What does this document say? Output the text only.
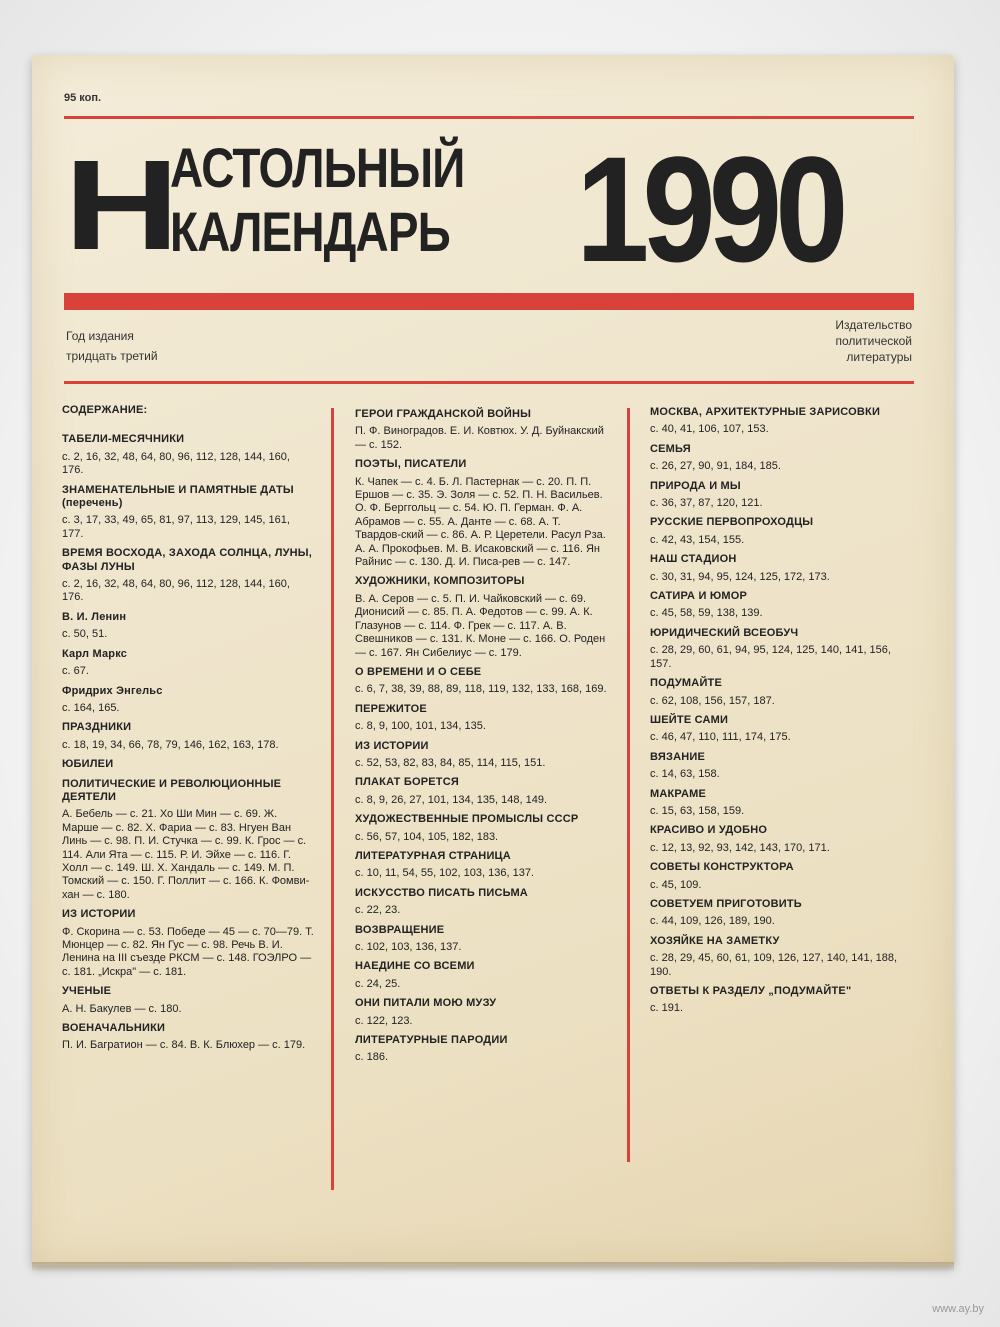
95 коп.
Н
АСТОЛЬНЫЙ
КАЛЕНДАРЬ 1990
Год издания
тридцать третий
Издательство
политической
литературы
СОДЕРЖАНИЕ:
ТАБЕЛИ-МЕСЯЧНИКИ
с. 2, 16, 32, 48, 64, 80, 96, 112, 128, 144, 160, 176.
ЗНАМЕНАТЕЛЬНЫЕ И ПАМЯТНЫЕ ДАТЫ (перечень)
с. 3, 17, 33, 49, 65, 81, 97, 113, 129, 145, 161, 177.
ВРЕМЯ ВОСХОДА, ЗАХОДА СОЛНЦА, ЛУНЫ, ФАЗЫ ЛУНЫ
с. 2, 16, 32, 48, 64, 80, 96, 112, 128, 144, 160, 176.
В. И. Ленин
с. 50, 51.
Карл Маркс
с. 67.
Фридрих Энгельс
с. 164, 165.
ПРАЗДНИКИ
с. 18, 19, 34, 66, 78, 79, 146, 162, 163, 178.
ЮБИЛЕИ
ПОЛИТИЧЕСКИЕ И РЕВОЛЮЦИОННЫЕ ДЕЯТЕЛИ
А. Бебель — с. 21. Хо Ши Мин — с. 69. Ж. Марше — с. 82. Х. Фариа — с. 83. Нгуен Ван Линь — с. 98. П. И. Стучка — с. 99. К. Грос — с. 114. Али Ята — с. 115. Р. И. Эйхе — с. 116. Г. Холл — с. 149. Ш. Х. Хандаль — с. 149. М. П. Томский — с. 150. Г. Поллит — с. 166. К. Фомви-хан — с. 180.
ИЗ ИСТОРИИ
Ф. Скорина — с. 53. Победе — 45 — с. 70—79. Т. Мюнцер — с. 82. Ян Гус — с. 98. Речь В. И. Ленина на III съезде РКСМ — с. 148. ГОЭЛРО — с. 181. „Искра" — с. 181.
УЧЕНЫЕ
А. Н. Бакулев — с. 180.
ВОЕНАЧАЛЬНИКИ
П. И. Багратион — с. 84. В. К. Блюхер — с. 179.
ГЕРОИ ГРАЖДАНСКОЙ ВОЙНЫ
П. Ф. Виноградов. Е. И. Ковтюх. У. Д. Буйнакский — с. 152.
ПОЭТЫ, ПИСАТЕЛИ
К. Чапек — с. 4. Б. Л. Пастернак — с. 20. П. П. Ершов — с. 35. Э. Золя — с. 52. П. Н. Васильев. О. Ф. Берггольц — с. 54. Ю. П. Герман. Ф. А. Абрамов — с. 55. А. Данте — с. 68. А. Т. Твардов-ский — с. 86. А. Р. Церетели. Расул Рза. А. А. Прокофьев. М. В. Исаковский — с. 116. Ян Райнис — с. 130. Д. И. Писа-рев — с. 147.
ХУДОЖНИКИ, КОМПОЗИТОРЫ
В. А. Серов — с. 5. П. И. Чайковский — с. 69. Дионисий — с. 85. П. А. Федотов — с. 99. А. К. Глазунов — с. 114. Ф. Грек — с. 117. А. В. Свешников — с. 131. К. Моне — с. 166. О. Роден — с. 167. Ян Сибелиус — с. 179.
О ВРЕМЕНИ И О СЕБЕ
с. 6, 7, 38, 39, 88, 89, 118, 119, 132, 133, 168, 169.
ПЕРЕЖИТОЕ
с. 8, 9, 100, 101, 134, 135.
ИЗ ИСТОРИИ
с. 52, 53, 82, 83, 84, 85, 114, 115, 151.
ПЛАКАТ БОРЕТСЯ
с. 8, 9, 26, 27, 101, 134, 135, 148, 149.
ХУДОЖЕСТВЕННЫЕ ПРОМЫСЛЫ СССР
с. 56, 57, 104, 105, 182, 183.
ЛИТЕРАТУРНАЯ СТРАНИЦА
с. 10, 11, 54, 55, 102, 103, 136, 137.
ИСКУССТВО ПИСАТЬ ПИСЬМА
с. 22, 23.
ВОЗВРАЩЕНИЕ
с. 102, 103, 136, 137.
НАЕДИНЕ СО ВСЕМИ
с. 24, 25.
ОНИ ПИТАЛИ МОЮ МУЗУ
с. 122, 123.
ЛИТЕРАТУРНЫЕ ПАРОДИИ
с. 186.
МОСКВА, АРХИТЕКТУРНЫЕ ЗАРИСОВКИ
с. 40, 41, 106, 107, 153.
СЕМЬЯ
с. 26, 27, 90, 91, 184, 185.
ПРИРОДА И МЫ
с. 36, 37, 87, 120, 121.
РУССКИЕ ПЕРВОПРОХОДЦЫ
с. 42, 43, 154, 155.
НАШ СТАДИОН
с. 30, 31, 94, 95, 124, 125, 172, 173.
САТИРА И ЮМОР
с. 45, 58, 59, 138, 139.
ЮРИДИЧЕСКИЙ ВСЕОБУЧ
с. 28, 29, 60, 61, 94, 95, 124, 125, 140, 141, 156, 157.
ПОДУМАЙТЕ
с. 62, 108, 156, 157, 187.
ШЕЙТЕ САМИ
с. 46, 47, 110, 111, 174, 175.
ВЯЗАНИЕ
с. 14, 63, 158.
МАКРАМЕ
с. 15, 63, 158, 159.
КРАСИВО И УДОБНО
с. 12, 13, 92, 93, 142, 143, 170, 171.
СОВЕТЫ КОНСТРУКТОРА
с. 45, 109.
СОВЕТУЕМ ПРИГОТОВИТЬ
с. 44, 109, 126, 189, 190.
ХОЗЯЙКЕ НА ЗАМЕТКУ
с. 28, 29, 45, 60, 61, 109, 126, 127, 140, 141, 188, 190.
ОТВЕТЫ К РАЗДЕЛУ „ПОДУМАЙТЕ"
с. 191.
www.ay.by
